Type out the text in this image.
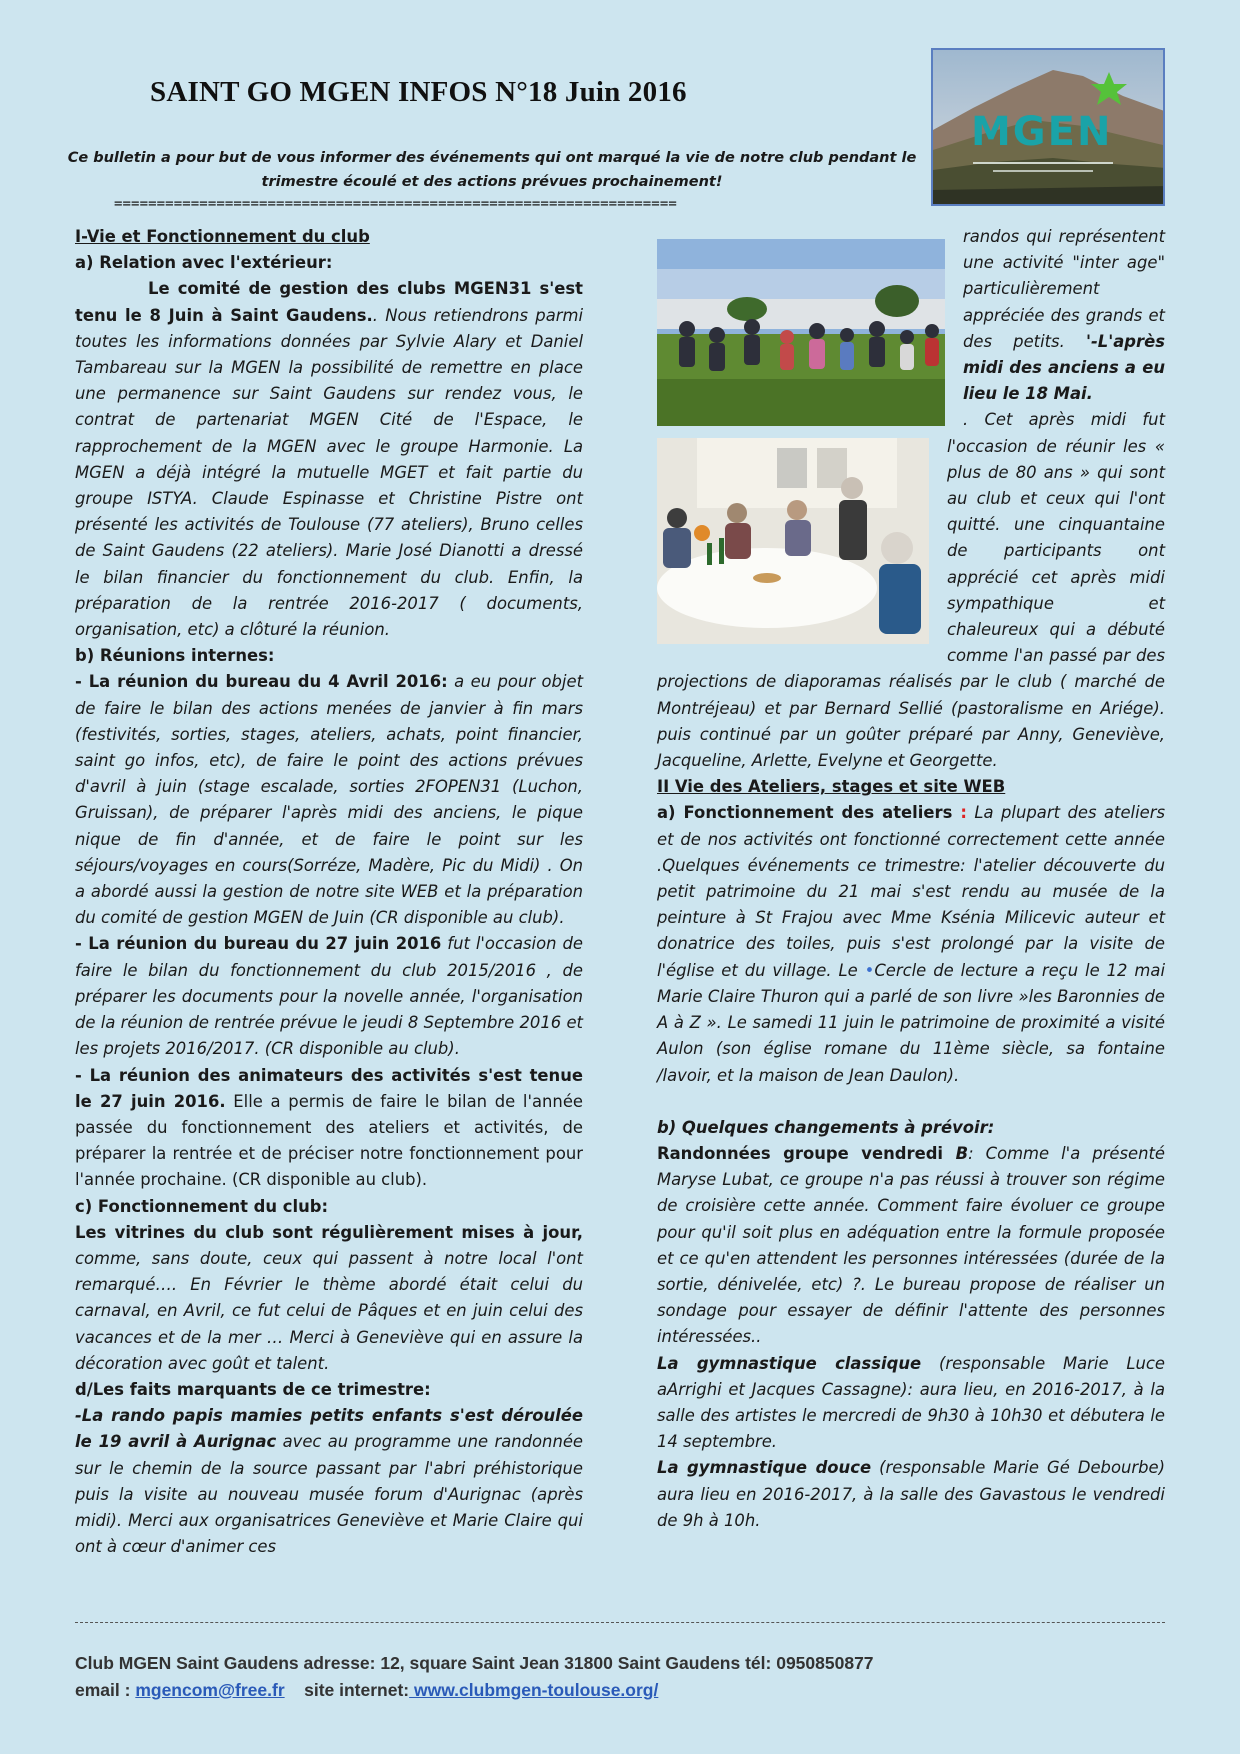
SAINT GO MGEN INFOS N°18 Juin 2016
MGEN
Ce bulletin a pour but de vous informer des événements qui ont marqué la vie de notre club pendant le trimestre écoulé et des actions prévues prochainement!
==================================================================
I-Vie et Fonctionnement du club
a) Relation avec l'extérieur:

Le comité de gestion des clubs MGEN31 s'est tenu le 8 Juin à Saint Gaudens.. Nous retiendrons parmi toutes les informations données par Sylvie Alary et Daniel Tambareau sur la MGEN la possibilité de remettre en place une permanence sur Saint Gaudens sur rendez vous, le contrat de partenariat MGEN Cité de l'Espace, le rapprochement de la MGEN avec le groupe Harmonie. La MGEN a déjà intégré la mutuelle MGET et fait partie du groupe ISTYA. Claude Espinasse et Christine Pistre ont présenté les activités de Toulouse (77 ateliers), Bruno celles de Saint Gaudens (22 ateliers). Marie José Dianotti a dressé le bilan financier du fonctionnement du club. Enfin, la préparation de la rentrée 2016-2017 ( documents, organisation, etc) a clôturé la réunion.

b) Réunions internes:

- La réunion du bureau du 4 Avril 2016: a eu pour objet de faire le bilan des actions menées de janvier à fin mars (festivités, sorties, stages, ateliers, achats, point financier, saint go infos, etc), de faire le point des actions prévues d'avril à juin (stage escalade, sorties 2FOPEN31 (Luchon, Gruissan), de préparer l'après midi des anciens, le pique nique de fin d'année, et de faire le point sur les séjours/voyages en cours(Sorréze, Madère, Pic du Midi) . On a abordé aussi la gestion de notre site WEB et la préparation du comité de gestion MGEN de Juin (CR disponible au club).

- La réunion du bureau du 27 juin 2016 fut l'occasion de faire le bilan du fonctionnement du club 2015/2016 , de préparer les documents pour la novelle année, l'organisation de la réunion de rentrée prévue le jeudi 8 Septembre 2016 et les projets 2016/2017. (CR disponible au club).

- La réunion des animateurs des activités s'est tenue le 27 juin 2016. Elle a permis de faire le bilan de l'année passée du fonctionnement des ateliers et activités, de préparer la rentrée et de préciser notre fonctionnement pour l'année prochaine. (CR disponible au club).

c) Fonctionnement du club:

Les vitrines du club sont régulièrement mises à jour, comme, sans doute, ceux qui passent à notre local l'ont remarqué…. En Février le thème abordé était celui du carnaval, en Avril, ce fut celui de Pâques et en juin celui des vacances et de la mer … Merci à Geneviève qui en assure la décoration avec goût et talent.

d/Les faits marquants de ce trimestre:

-La rando papis mamies petits enfants s'est déroulée le 19 avril à Aurignac avec au programme une randonnée sur le chemin de la source passant par l'abri préhistorique puis la visite au nouveau musée forum d'Aurignac (après midi). Merci aux organisatrices Geneviève et Marie Claire qui ont à cœur d'animer ces

randos qui représentent une activité "inter age" particulièrement appréciée des grands et des petits. '-L'après midi des anciens a eu lieu le 18 Mai.

. Cet après midi fut l'occasion de réunir les « plus de 80 ans » qui sont au club et ceux qui l'ont quitté. une cinquantaine de participants ont apprécié cet après midi sympathique et chaleureux qui a débuté comme l'an passé par des projections de diaporamas réalisés par le club ( marché de Montréjeau) et par Bernard Sellié (pastoralisme en Ariége). puis continué par un goûter préparé par Anny, Geneviève, Jacqueline, Arlette, Evelyne et Georgette.

II Vie des Ateliers, stages et site WEB

a) Fonctionnement des ateliers : La plupart des ateliers et de nos activités ont fonctionné correctement cette année .Quelques événements ce trimestre: l'atelier découverte du petit patrimoine du 21 mai s'est rendu au musée de la peinture à St Frajou avec Mme Ksénia Milicevic auteur et donatrice des toiles, puis s'est prolongé par la visite de l'église et du village. Le •Cercle de lecture a reçu le 12 mai Marie Claire Thuron qui a parlé de son livre »les Baronnies de A à Z ». Le samedi 11 juin le patrimoine de proximité a visité Aulon (son église romane du 11ème siècle, sa fontaine /lavoir, et la maison de Jean Daulon).

b) Quelques changements à prévoir:

Randonnées groupe vendredi B: Comme l'a présenté Maryse Lubat, ce groupe n'a pas réussi à trouver son régime de croisière cette année. Comment faire évoluer ce groupe pour qu'il soit plus en adéquation entre la formule proposée et ce qu'en attendent les personnes intéressées (durée de la sortie, dénivelée, etc) ?. Le bureau propose de réaliser un sondage pour essayer de définir l'attente des personnes intéressées..

La gymnastique classique (responsable Marie Luce aArrighi et Jacques Cassagne): aura lieu, en 2016-2017, à la salle des artistes le mercredi de 9h30 à 10h30 et débutera le 14 septembre.

La gymnastique douce (responsable Marie Gé Debourbe) aura lieu en 2016-2017, à la salle des Gavastous le vendredi de 9h à 10h.

Club MGEN Saint Gaudens adresse: 12, square Saint Jean 31800 Saint Gaudens tél: 0950850877
email : mgencom@free.fr site internet: www.clubmgen-toulouse.org/
